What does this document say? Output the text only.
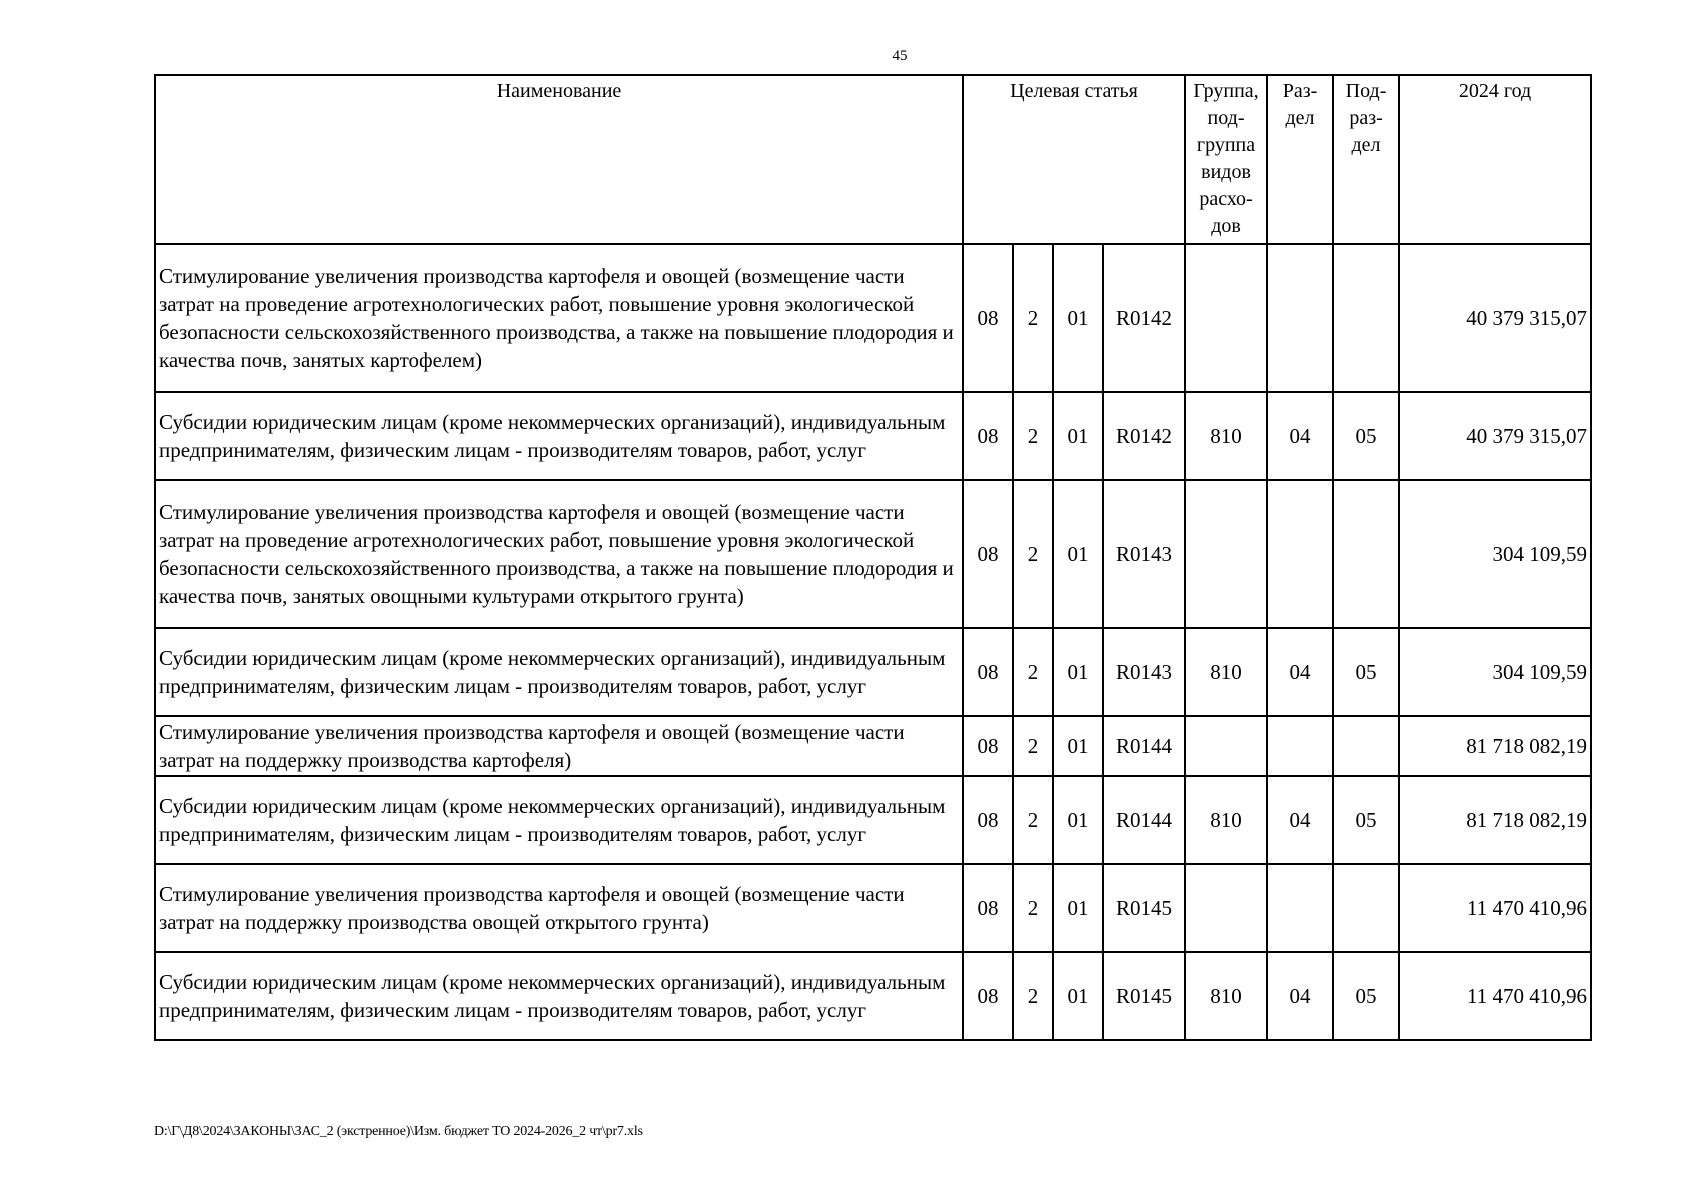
45
Наименование	Целевая статья				Группа, под-группа видов расхо-дов	Раз-дел	Под-раз-дел	2024 год
Стимулирование увеличения производства картофеля и овощей (возмещение части затрат на проведение агротехнологических работ, повышение уровня экологической безопасности сельскохозяйственного производства, а также на повышение плодородия и качества почв, занятых картофелем)	08	2	01	R0142				40 379 315,07
Субсидии юридическим лицам (кроме некоммерческих организаций), индивидуальным предпринимателям, физическим лицам - производителям товаров, работ, услуг	08	2	01	R0142	810	04	05	40 379 315,07
Стимулирование увеличения производства картофеля и овощей (возмещение части затрат на проведение агротехнологических работ, повышение уровня экологической безопасности сельскохозяйственного производства, а также на повышение плодородия и качества почв, занятых овощными культурами открытого грунта)	08	2	01	R0143				304 109,59
Субсидии юридическим лицам (кроме некоммерческих организаций), индивидуальным предпринимателям, физическим лицам - производителям товаров, работ, услуг	08	2	01	R0143	810	04	05	304 109,59
Стимулирование увеличения производства картофеля и овощей (возмещение части затрат на поддержку производства картофеля)	08	2	01	R0144				81 718 082,19
Субсидии юридическим лицам (кроме некоммерческих организаций), индивидуальным предпринимателям, физическим лицам - производителям товаров, работ, услуг	08	2	01	R0144	810	04	05	81 718 082,19
Стимулирование увеличения производства картофеля и овощей (возмещение части затрат на поддержку производства овощей открытого грунта)	08	2	01	R0145				11 470 410,96
Субсидии юридическим лицам (кроме некоммерческих организаций), индивидуальным предпринимателям, физическим лицам - производителям товаров, работ, услуг	08	2	01	R0145	810	04	05	11 470 410,96
D:\Г\Д8\2024\ЗАКОНЫ\ЗАС_2 (экстренное)\Изм. бюджет ТО 2024-2026_2 чт\pr7.xls
